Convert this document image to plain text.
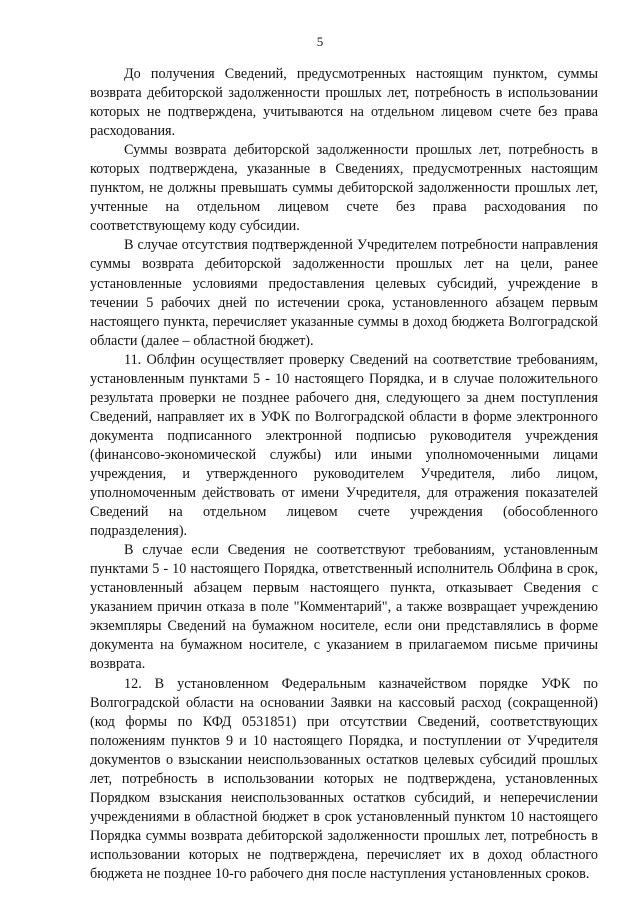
5

До получения Сведений, предусмотренных настоящим пунктом, суммы возврата дебиторской задолженности прошлых лет, потребность в использовании которых не подтверждена, учитываются на отдельном лицевом счете без права расходования.

Суммы возврата дебиторской задолженности прошлых лет, потребность в которых подтверждена, указанные в Сведениях, предусмотренных настоящим пунктом, не должны превышать суммы дебиторской задолженности прошлых лет, учтенные на отдельном лицевом счете без права расходования по соответствующему коду субсидии.

В случае отсутствия подтвержденной Учредителем потребности направления суммы возврата дебиторской задолженности прошлых лет на цели, ранее установленные условиями предоставления целевых субсидий, учреждение в течении 5 рабочих дней по истечении срока, установленного абзацем первым настоящего пункта, перечисляет указанные суммы в доход бюджета Волгоградской области (далее – областной бюджет).

11. Облфин осуществляет проверку Сведений на соответствие требованиям, установленным пунктами 5 - 10 настоящего Порядка, и в случае положительного результата проверки не позднее рабочего дня, следующего за днем поступления Сведений, направляет их в УФК по Волгоградской области в форме электронного документа подписанного электронной подписью руководителя учреждения (финансово-экономической службы) или иными уполномоченными лицами учреждения, и утвержденного руководителем Учредителя, либо лицом, уполномоченным действовать от имени Учредителя, для отражения показателей Сведений на отдельном лицевом счете учреждения (обособленного подразделения).

В случае если Сведения не соответствуют требованиям, установленным пунктами 5 - 10 настоящего Порядка, ответственный исполнитель Облфина в срок, установленный абзацем первым настоящего пункта, отказывает Сведения с указанием причин отказа в поле "Комментарий", а также возвращает учреждению экземпляры Сведений на бумажном носителе, если они представлялись в форме документа на бумажном носителе, с указанием в прилагаемом письме причины возврата.

12. В установленном Федеральным казначейством порядке УФК по Волгоградской области на основании Заявки на кассовый расход (сокращенной) (код формы по КФД 0531851) при отсутствии Сведений, соответствующих положениям пунктов 9 и 10 настоящего Порядка, и поступлении от Учредителя документов о взыскании неиспользованных остатков целевых субсидий прошлых лет, потребность в использовании которых не подтверждена, установленных Порядком взыскания неиспользованных остатков субсидий, и неперечислении учреждениями в областной бюджет в срок установленный пунктом 10 настоящего Порядка суммы возврата дебиторской задолженности прошлых лет, потребность в использовании которых не подтверждена, перечисляет их в доход областного бюджета не позднее 10-го рабочего дня после наступления установленных сроков.
